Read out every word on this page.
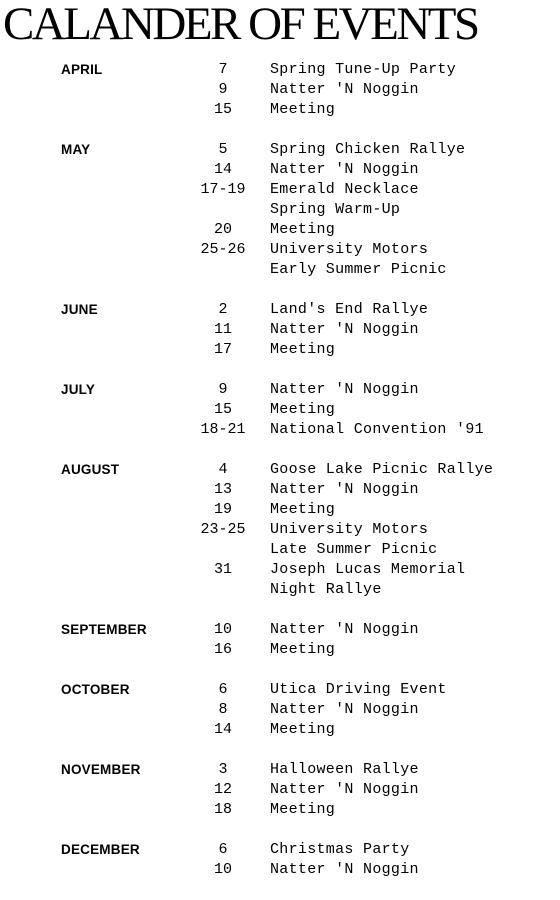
CALANDER OF EVENTS
APRIL	7	Spring Tune-Up Party
9	Natter 'N Noggin
15	Meeting
MAY	5	Spring Chicken Rallye
14	Natter 'N Noggin
17-19	Emerald Necklace
Spring Warm-Up
20	Meeting
25-26	University Motors
Early Summer Picnic
JUNE	2	Land's End Rallye
11	Natter 'N Noggin
17	Meeting
JULY	9	Natter 'N Noggin
15	Meeting
18-21	National Convention '91
AUGUST	4	Goose Lake Picnic Rallye
13	Natter 'N Noggin
19	Meeting
23-25	University Motors
Late Summer Picnic
31	Joseph Lucas Memorial
Night Rallye
SEPTEMBER	10	Natter 'N Noggin
16	Meeting
OCTOBER	6	Utica Driving Event
8	Natter 'N Noggin
14	Meeting
NOVEMBER	3	Halloween Rallye
12	Natter 'N Noggin
18	Meeting
DECEMBER	6	Christmas Party
10	Natter 'N Noggin
